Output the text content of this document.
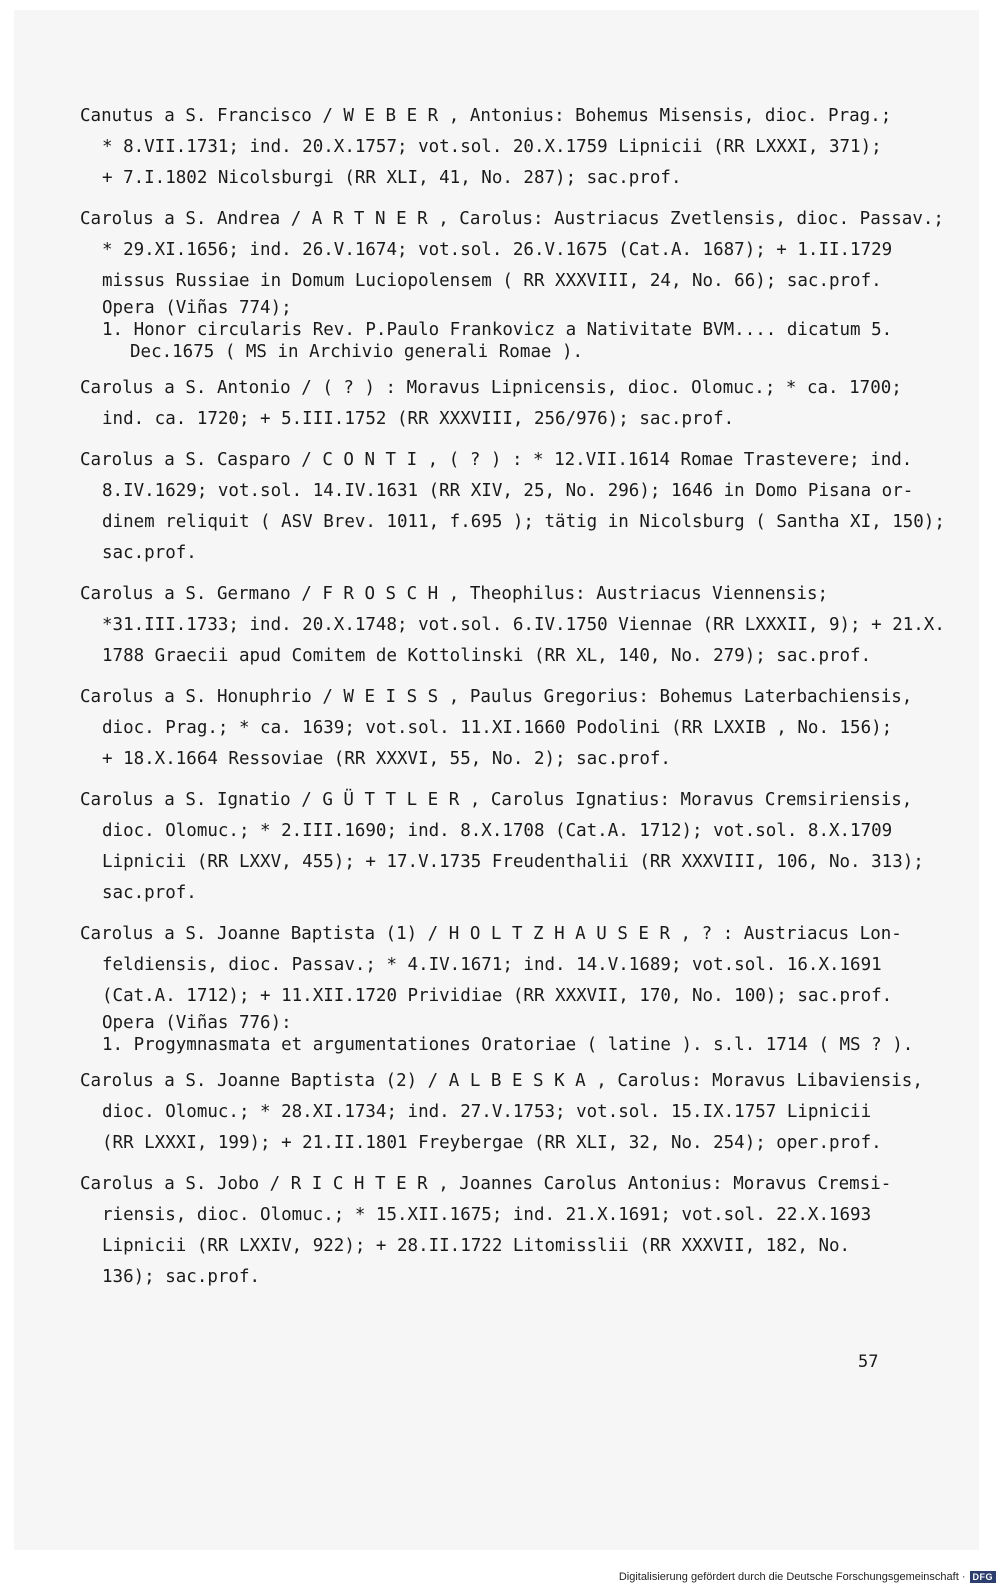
Canutus a S. Francisco / W E B E R , Antonius: Bohemus Misensis, dioc. Prag.;
* 8.VII.1731; ind. 20.X.1757; vot.sol. 20.X.1759 Lipnicii (RR LXXXI, 371);
+ 7.I.1802 Nicolsburgi (RR XLI, 41, No. 287); sac.prof.
Carolus a S. Andrea / A R T N E R , Carolus: Austriacus Zvetlensis, dioc. Passav.;
* 29.XI.1656; ind. 26.V.1674; vot.sol. 26.V.1675 (Cat.A. 1687); + 1.II.1729
missus Russiae in Domum Luciopolensem ( RR XXXVIII, 24, No. 66); sac.prof.
Opera (Viñas 774);
1. Honor circularis Rev. P.Paulo Frankovicz a Nativitate BVM.... dicatum 5.
Dec.1675 ( MS in Archivio generali Romae ).
Carolus a S. Antonio / ( ? ) : Moravus Lipnicensis, dioc. Olomuc.; * ca. 1700;
ind. ca. 1720; + 5.III.1752 (RR XXXVIII, 256/976); sac.prof.
Carolus a S. Casparo / C O N T I , ( ? ) : * 12.VII.1614 Romae Trastevere; ind.
8.IV.1629; vot.sol. 14.IV.1631 (RR XIV, 25, No. 296); 1646 in Domo Pisana or-
dinem reliquit ( ASV Brev. 1011, f.695 ); tätig in Nicolsburg ( Santha XI, 150);
sac.prof.
Carolus a S. Germano / F R O S C H , Theophilus: Austriacus Viennensis;
*31.III.1733; ind. 20.X.1748; vot.sol. 6.IV.1750 Viennae (RR LXXXII, 9); + 21.X.
1788 Graecii apud Comitem de Kottolinski (RR XL, 140, No. 279); sac.prof.
Carolus a S. Honuphrio / W E I S S , Paulus Gregorius: Bohemus Laterbachiensis,
dioc. Prag.; * ca. 1639; vot.sol. 11.XI.1660 Podolini (RR LXXIB , No. 156);
+ 18.X.1664 Ressoviae (RR XXXVI, 55, No. 2); sac.prof.
Carolus a S. Ignatio / G Ü T T L E R , Carolus Ignatius: Moravus Cremsiriensis,
dioc. Olomuc.; * 2.III.1690; ind. 8.X.1708 (Cat.A. 1712); vot.sol. 8.X.1709
Lipnicii (RR LXXV, 455); + 17.V.1735 Freudenthalii (RR XXXVIII, 106, No. 313);
sac.prof.
Carolus a S. Joanne Baptista (1) / H O L T Z H A U S E R , ? : Austriacus Lon-
feldiensis, dioc. Passav.; * 4.IV.1671; ind. 14.V.1689; vot.sol. 16.X.1691
(Cat.A. 1712); + 11.XII.1720 Prividiae (RR XXXVII, 170, No. 100); sac.prof.
Opera (Viñas 776):
1. Progymnasmata et argumentationes Oratoriae ( latine ). s.l. 1714 ( MS ? ).
Carolus a S. Joanne Baptista (2) / A L B E S K A , Carolus: Moravus Libaviensis,
dioc. Olomuc.; * 28.XI.1734; ind. 27.V.1753; vot.sol. 15.IX.1757 Lipnicii
(RR LXXXI, 199); + 21.II.1801 Freybergae (RR XLI, 32, No. 254); oper.prof.
Carolus a S. Jobo / R I C H T E R , Joannes Carolus Antonius: Moravus Cremsi-
riensis, dioc. Olomuc.; * 15.XII.1675; ind. 21.X.1691; vot.sol. 22.X.1693
Lipnicii (RR LXXIV, 922); + 28.II.1722 Litomisslii (RR XXXVII, 182, No.
136); sac.prof.
57
Digitalisierung gefördert durch die Deutsche Forschungsgemeinschaft · DFG
